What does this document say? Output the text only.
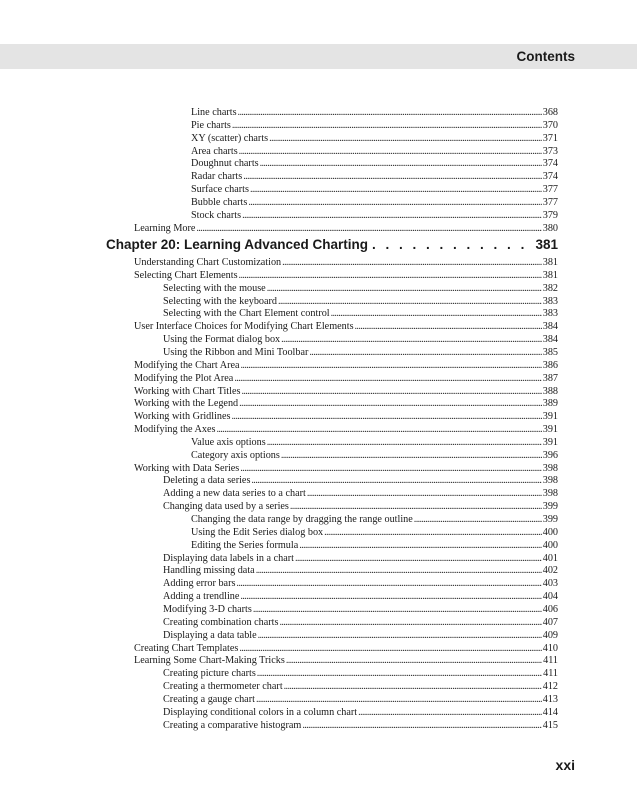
Contents
Line charts . . .	368
Pie charts . . .	370
XY (scatter) charts . . .	371
Area charts . . .	373
Doughnut charts . . .	374
Radar charts . . .	374
Surface charts . . .	377
Bubble charts . . .	377
Stock charts . . .	379
Learning More . . .	380
Chapter 20: Learning Advanced Charting . . .	381
Understanding Chart Customization . . .	381
Selecting Chart Elements . . .	381
Selecting with the mouse . . .	382
Selecting with the keyboard . . .	383
Selecting with the Chart Element control . . .	383
User Interface Choices for Modifying Chart Elements . . .	384
Using the Format dialog box . . .	384
Using the Ribbon and Mini Toolbar . . .	385
Modifying the Chart Area . . .	386
Modifying the Plot Area . . .	387
Working with Chart Titles . . .	388
Working with the Legend . . .	389
Working with Gridlines . . .	391
Modifying the Axes . . .	391
Value axis options . . .	391
Category axis options . . .	396
Working with Data Series . . .	398
Deleting a data series . . .	398
Adding a new data series to a chart . . .	398
Changing data used by a series . . .	399
Changing the data range by dragging the range outline . . .	399
Using the Edit Series dialog box . . .	400
Editing the Series formula . . .	400
Displaying data labels in a chart . . .	401
Handling missing data . . .	402
Adding error bars . . .	403
Adding a trendline . . .	404
Modifying 3-D charts . . .	406
Creating combination charts . . .	407
Displaying a data table . . .	409
Creating Chart Templates . . .	410
Learning Some Chart-Making Tricks . . .	411
Creating picture charts . . .	411
Creating a thermometer chart . . .	412
Creating a gauge chart . . .	413
Displaying conditional colors in a column chart . . .	414
Creating a comparative histogram . . .	415
xxi
